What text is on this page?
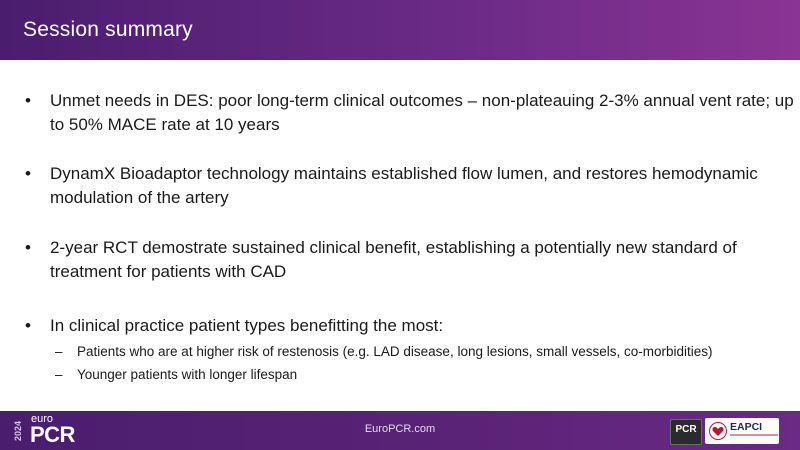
Session summary
• Unmet needs in DES: poor long-term clinical outcomes – non-plateauing 2-3% annual vent rate; up to 50% MACE rate at 10 years
• DynamX Bioadaptor technology maintains established flow lumen, and restores hemodynamic modulation of the artery
• 2-year RCT demostrate sustained clinical benefit, establishing a potentially new standard of treatment for patients with CAD
• In clinical practice patient types benefitting the most:
– Patients who are at higher risk of restenosis (e.g. LAD disease, long lesions, small vessels, co-morbidities)
– Younger patients with longer lifespan
2024
euro
PCR	EuroPCR.com	PCR	EAPCI
